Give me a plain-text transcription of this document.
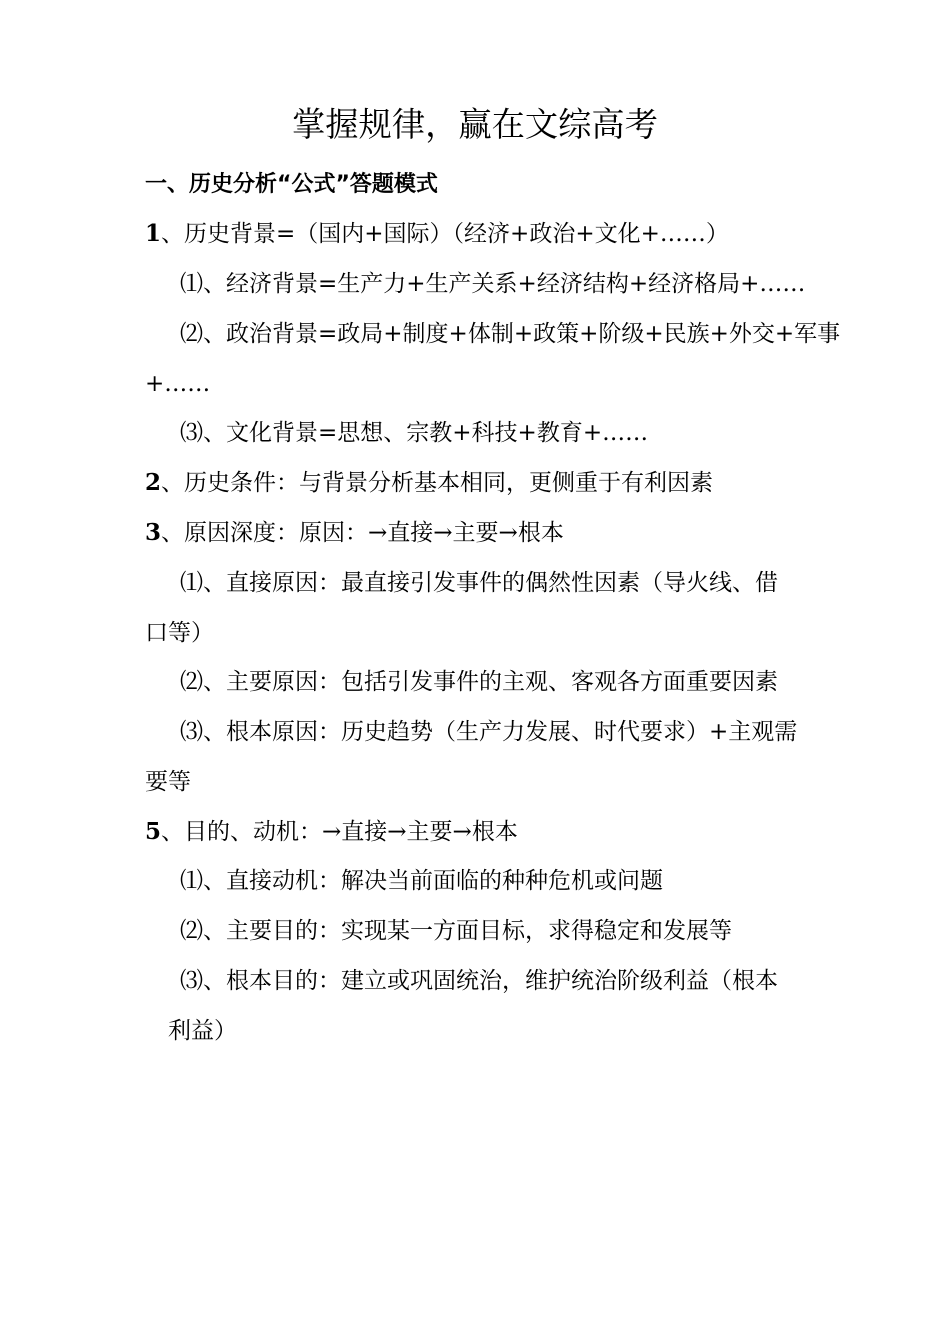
掌握规律，赢在文综高考
一、历史分析“公式”答题模式
1、历史背景=（国内+国际）（经济+政治+文化+……）
⑴、经济背景=生产力+生产关系+经济结构+经济格局+……
⑵、政治背景=政局+制度+体制+政策+阶级+民族+外交+军事
+……
⑶、文化背景=思想、宗教+科技+教育+……
2、历史条件：与背景分析基本相同，更侧重于有利因素
3、原因深度：原因：→直接→主要→根本
⑴、直接原因：最直接引发事件的偶然性因素（导火线、借
口等）
⑵、主要原因：包括引发事件的主观、客观各方面重要因素
⑶、根本原因：历史趋势（生产力发展、时代要求）+主观需
要等
5、目的、动机：→直接→主要→根本
⑴、直接动机：解决当前面临的种种危机或问题
⑵、主要目的：实现某一方面目标，求得稳定和发展等
⑶、根本目的：建立或巩固统治，维护统治阶级利益（根本
利益）
